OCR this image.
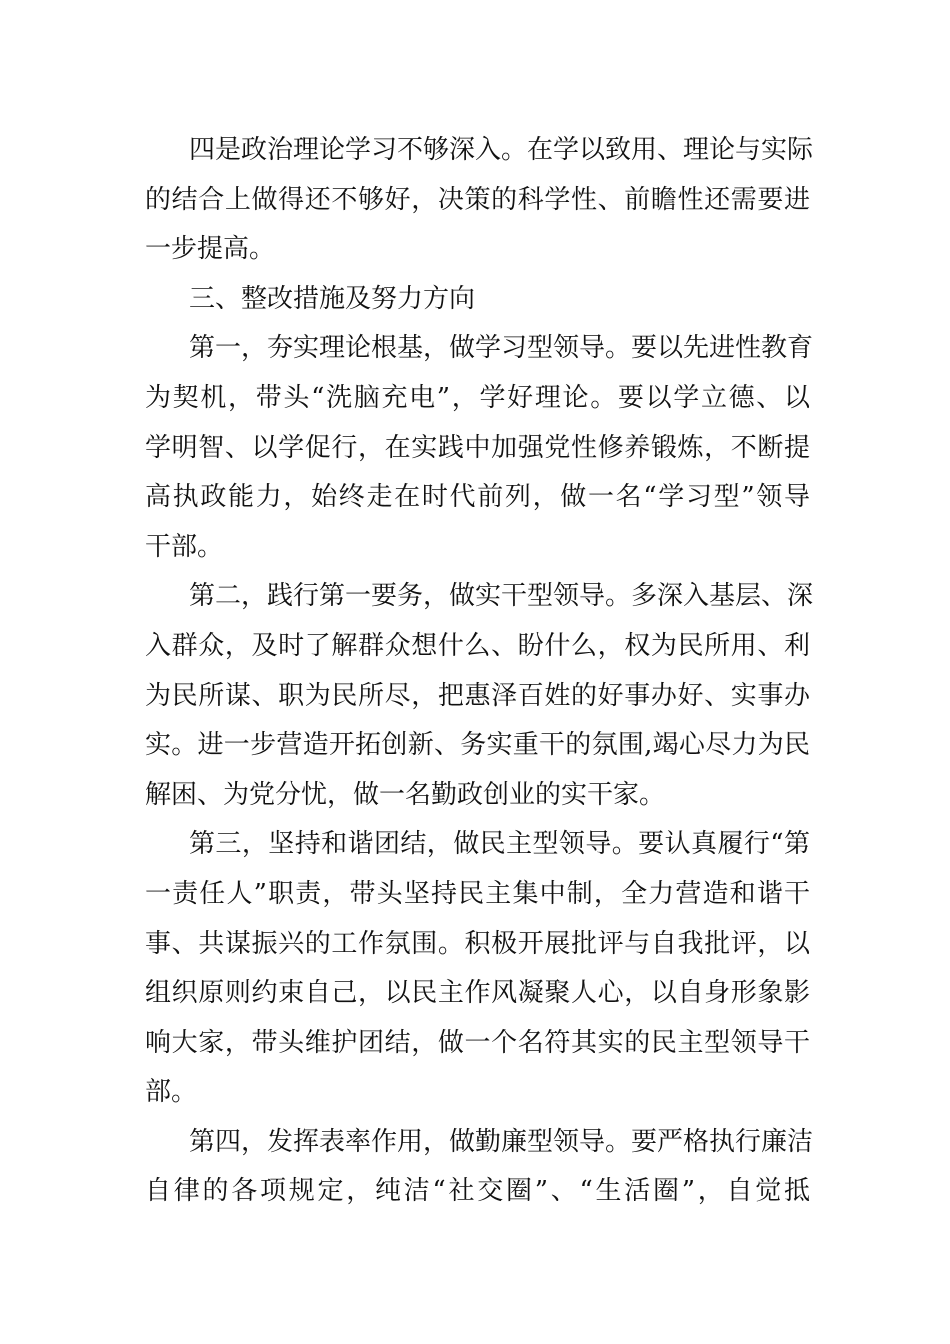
四是政治理论学习不够深入。在学以致用、理论与实际
的结合上做得还不够好，决策的科学性、前瞻性还需要进
一步提高。

三、整改措施及努力方向

第一，夯实理论根基，做学习型领导。要以先进性教育
为契机，带头“洗脑充电”，学好理论。要以学立德、以
学明智、以学促行，在实践中加强党性修养锻炼，不断提
高执政能力，始终走在时代前列，做一名“学习型”领导
干部。

第二，践行第一要务，做实干型领导。多深入基层、深
入群众，及时了解群众想什么、盼什么，权为民所用、利
为民所谋、职为民所尽，把惠泽百姓的好事办好、实事办
实。进一步营造开拓创新、务实重干的氛围,竭心尽力为民
解困、为党分忧，做一名勤政创业的实干家。

第三，坚持和谐团结，做民主型领导。要认真履行“第
一责任人”职责，带头坚持民主集中制，全力营造和谐干
事、共谋振兴的工作氛围。积极开展批评与自我批评，以
组织原则约束自己，以民主作风凝聚人心，以自身形象影
响大家，带头维护团结，做一个名符其实的民主型领导干
部。

第四，发挥表率作用，做勤廉型领导。要严格执行廉洁
自律的各项规定，纯洁“社交圈”、“生活圈”，自觉抵
